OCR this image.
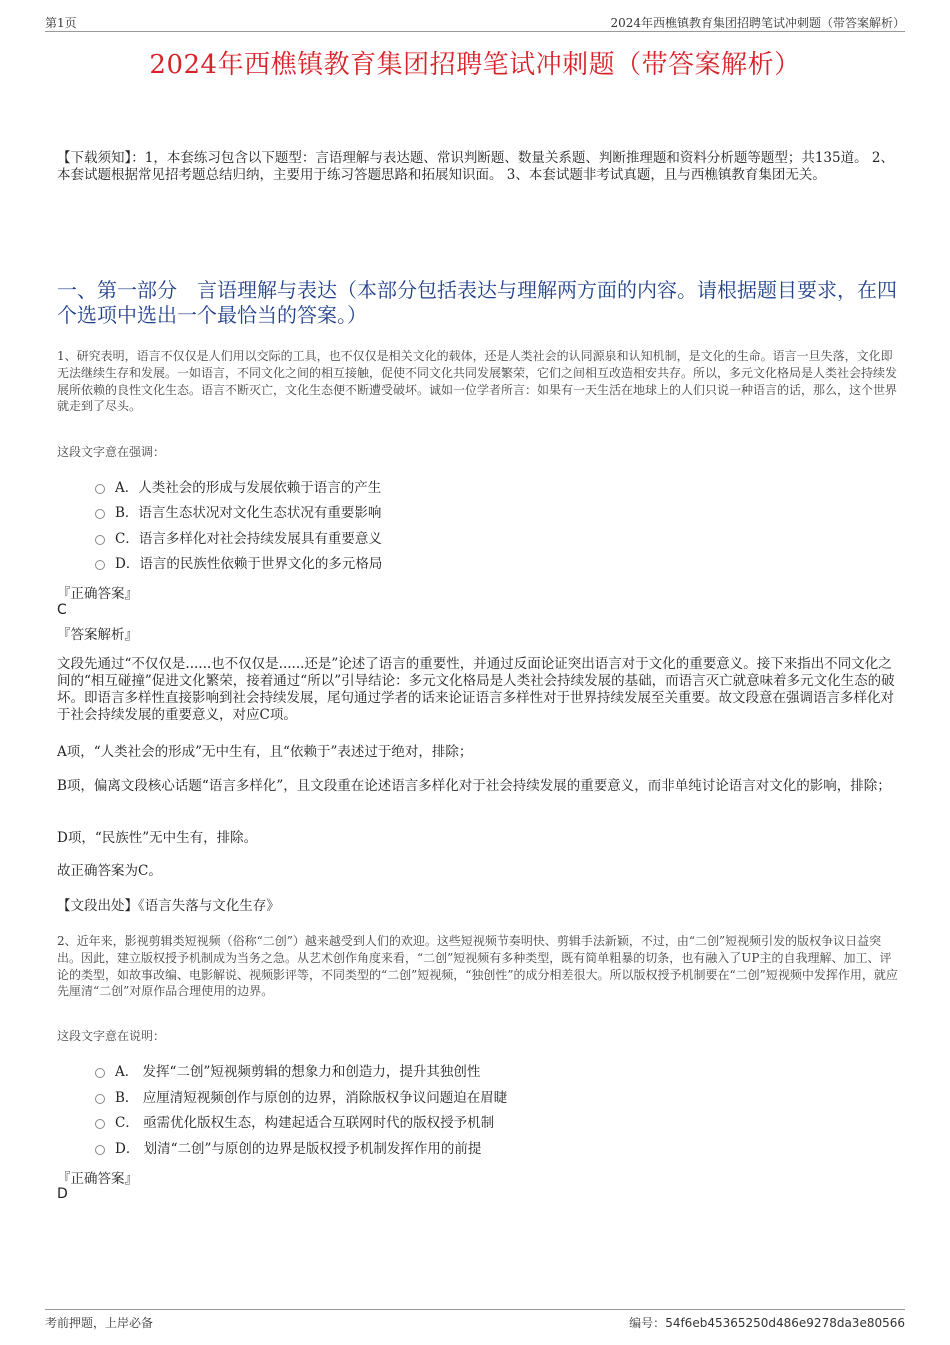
第1页	2024年西樵镇教育集团招聘笔试冲刺题（带答案解析）
2024年西樵镇教育集团招聘笔试冲刺题（带答案解析）
【下载须知】：1，本套练习包含以下题型：言语理解与表达题、常识判断题、数量关系题、判断推理题和资料分析题等题型；共135道。 2、本套试题根据常见招考题总结归纳，主要用于练习答题思路和拓展知识面。 3、本套试题非考试真题，且与西樵镇教育集团无关。
一、第一部分　言语理解与表达（本部分包括表达与理解两方面的内容。请根据题目要求，在四个选项中选出一个最恰当的答案。）
1、研究表明，语言不仅仅是人们用以交际的工具，也不仅仅是相关文化的载体，还是人类社会的认同源泉和认知机制，是文化的生命。语言一旦失落，文化即无法继续生存和发展。一如语言，不同文化之间的相互接触，促使不同文化共同发展繁荣，它们之间相互改造相安共存。所以，多元文化格局是人类社会持续发展所依赖的良性文化生态。语言不断灭亡，文化生态便不断遭受破坏。诚如一位学者所言：如果有一天生活在地球上的人们只说一种语言的话，那么，这个世界就走到了尽头。
这段文字意在强调：
A．人类社会的形成与发展依赖于语言的产生
B．语言生态状况对文化生态状况有重要影响
C．语言多样化对社会持续发展具有重要意义
D．语言的民族性依赖于世界文化的多元格局
『正确答案』
C
『答案解析』
文段先通过“不仅仅是......也不仅仅是......还是”论述了语言的重要性，并通过反面论证突出语言对于文化的重要意义。接下来指出不同文化之间的“相互碰撞”促进文化繁荣，接着通过“所以”引导结论：多元文化格局是人类社会持续发展的基础，而语言灭亡就意味着多元文化生态的破坏。即语言多样性直接影响到社会持续发展，尾句通过学者的话来论证语言多样性对于世界持续发展至关重要。故文段意在强调语言多样化对于社会持续发展的重要意义，对应C项。
A项，“人类社会的形成”无中生有，且“依赖于”表述过于绝对，排除；
B项，偏离文段核心话题“语言多样化”，且文段重在论述语言多样化对于社会持续发展的重要意义，而非单纯讨论语言对文化的影响，排除；
D项，“民族性”无中生有，排除。
故正确答案为C。
【文段出处】《语言失落与文化生存》
2、近年来，影视剪辑类短视频（俗称“二创”）越来越受到人们的欢迎。这些短视频节奏明快、剪辑手法新颖，不过，由“二创”短视频引发的版权争议日益突出。因此，建立版权授予机制成为当务之急。从艺术创作角度来看，“二创”短视频有多种类型，既有简单粗暴的切条，也有融入了UP主的自我理解、加工、评论的类型，如故事改编、电影解说、视频影评等，不同类型的“二创”短视频，“独创性”的成分相差很大。所以版权授予机制要在“二创”短视频中发挥作用，就应先厘清“二创”对原作品合理使用的边界。
这段文字意在说明：
A． 发挥“二创”短视频剪辑的想象力和创造力，提升其独创性
B． 应厘清短视频创作与原创的边界，消除版权争议问题迫在眉睫
C． 亟需优化版权生态，构建起适合互联网时代的版权授予机制
D． 划清“二创”与原创的边界是版权授予机制发挥作用的前提
『正确答案』
D
考前押题，上岸必备	编号：54f6eb45365250d486e9278da3e80566
